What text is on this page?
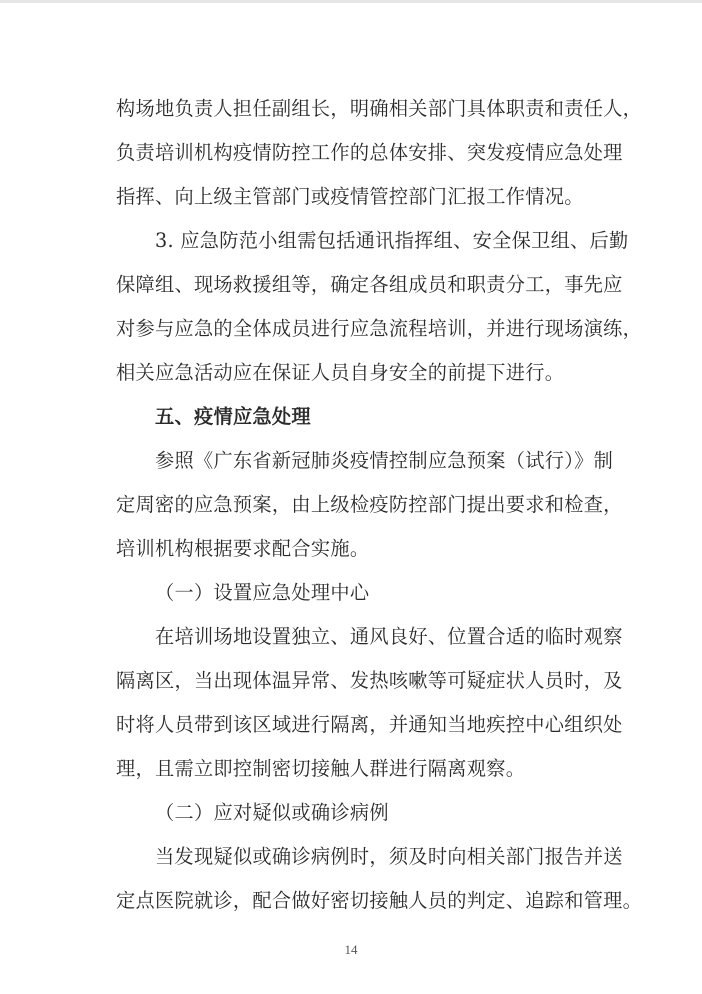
构场地负责人担任副组长，明确相关部门具体职责和责任人，
负责培训机构疫情防控工作的总体安排、突发疫情应急处理
指挥、向上级主管部门或疫情管控部门汇报工作情况。
3. 应急防范小组需包括通讯指挥组、安全保卫组、后勤
保障组、现场救援组等，确定各组成员和职责分工，事先应
对参与应急的全体成员进行应急流程培训，并进行现场演练，
相关应急活动应在保证人员自身安全的前提下进行。
五、疫情应急处理
参照《广东省新冠肺炎疫情控制应急预案（试行）》制
定周密的应急预案，由上级检疫防控部门提出要求和检查，
培训机构根据要求配合实施。
（一）设置应急处理中心
在培训场地设置独立、通风良好、位置合适的临时观察
隔离区，当出现体温异常、发热咳嗽等可疑症状人员时，及
时将人员带到该区域进行隔离，并通知当地疾控中心组织处
理，且需立即控制密切接触人群进行隔离观察。
（二）应对疑似或确诊病例
当发现疑似或确诊病例时，须及时向相关部门报告并送
定点医院就诊，配合做好密切接触人员的判定、追踪和管理。
14
